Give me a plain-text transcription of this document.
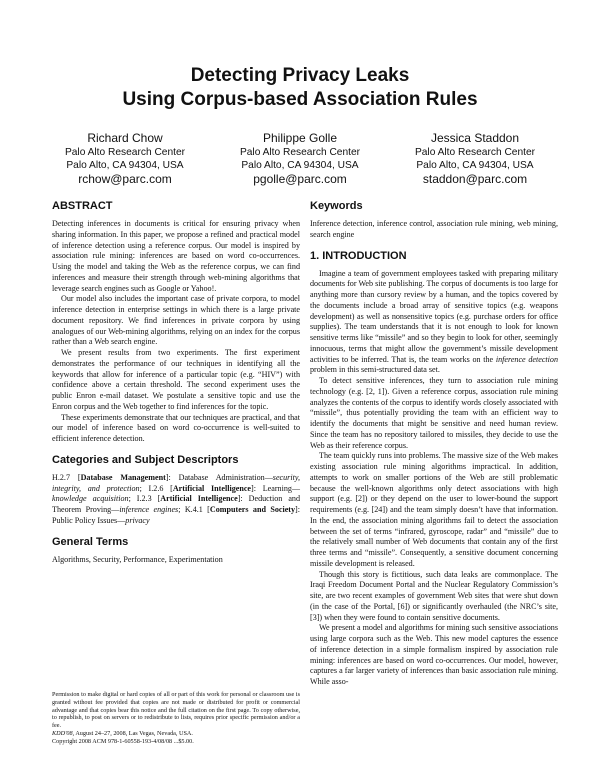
Detecting Privacy Leaks
Using Corpus-based Association Rules
Richard Chow
Palo Alto Research Center
Palo Alto, CA 94304, USA
rchow@parc.com
Philippe Golle
Palo Alto Research Center
Palo Alto, CA 94304, USA
pgolle@parc.com
Jessica Staddon
Palo Alto Research Center
Palo Alto, CA 94304, USA
staddon@parc.com
ABSTRACT

Detecting inferences in documents is critical for ensuring privacy when sharing information. In this paper, we propose a refined and practical model of inference detection using a reference corpus. Our model is inspired by association rule mining: inferences are based on word co-occurrences. Using the model and taking the Web as the reference corpus, we can find inferences and measure their strength through web-mining algorithms that leverage search engines such as Google or Yahoo!.

Our model also includes the important case of private corpora, to model inference detection in enterprise settings in which there is a large private document repository. We find inferences in private corpora by using analogues of our Web-mining algorithms, relying on an index for the corpus rather than a Web search engine.

We present results from two experiments. The first experiment demonstrates the performance of our techniques in identifying all the keywords that allow for inference of a particular topic (e.g. “HIV”) with confidence above a certain threshold. The second experiment uses the public Enron e-mail dataset. We postulate a sensitive topic and use the Enron corpus and the Web together to find inferences for the topic.

These experiments demonstrate that our techniques are practical, and that our model of inference based on word co-occurrence is well-suited to efficient inference detection.

Categories and Subject Descriptors

H.2.7 [Database Management]: Database Administration—security, integrity, and protection; I.2.6 [Artificial Intelligence]: Learning—knowledge acquisition; I.2.3 [Artificial Intelligence]: Deduction and Theorem Proving—inference engines; K.4.1 [Computers and Society]: Public Policy Issues—privacy

General Terms

Algorithms, Security, Performance, Experimentation

Permission to make digital or hard copies of all or part of this work for personal or classroom use is granted without fee provided that copies are not made or distributed for profit or commercial advantage and that copies bear this notice and the full citation on the first page. To copy otherwise, to republish, to post on servers or to redistribute to lists, requires prior specific permission and/or a fee.

KDD'08, August 24–27, 2008, Las Vegas, Nevada, USA.

Copyright 2008 ACM 978-1-60558-193-4/08/08 ...$5.00.

Keywords

Inference detection, inference control, association rule mining, web mining, search engine

1. INTRODUCTION

Imagine a team of government employees tasked with preparing military documents for Web site publishing. The corpus of documents is too large for anything more than cursory review by a human, and the topics covered by the documents include a broad array of sensitive topics (e.g. weapons development) as well as nonsensitive topics (e.g. purchase orders for office supplies). The team understands that it is not enough to look for known sensitive terms like “missile” and so they begin to look for other, seemingly innocuous, terms that might allow the government’s missile development activities to be inferred. That is, the team works on the inference detection problem in this semi-structured data set.

To detect sensitive inferences, they turn to association rule mining technology (e.g. [2, 1]). Given a reference corpus, association rule mining analyzes the contents of the corpus to identify words closely associated with “missile”, thus potentially providing the team with an efficient way to identify the documents that might be sensitive and need human review. Since the team has no repository tailored to missiles, they decide to use the Web as their reference corpus.

The team quickly runs into problems. The massive size of the Web makes existing association rule mining algorithms impractical. In addition, attempts to work on smaller portions of the Web are still problematic because the well-known algorithms only detect associations with high support (e.g. [2]) or they depend on the user to lower-bound the support requirements (e.g. [24]) and the team simply doesn’t have that information. In the end, the association mining algorithms fail to detect the association between the set of terms “infrared, gyroscope, radar” and “missile” due to the relatively small number of Web documents that contain any of the first three terms and “missile”. Consequently, a sensitive document concerning missile development is released.

Though this story is fictitious, such data leaks are commonplace. The Iraqi Freedom Document Portal and the Nuclear Regulatory Commission’s site, are two recent examples of government Web sites that were shut down (in the case of the Portal, [6]) or significantly overhauled (the NRC’s site, [3]) when they were found to contain sensitive documents.

We present a model and algorithms for mining such sensitive associations using large corpora such as the Web. This new model captures the essence of inference detection in a simple formalism inspired by association rule mining: inferences are based on word co-occurrences. Our model, however, captures a far larger variety of inferences than basic association rule mining. While asso-
